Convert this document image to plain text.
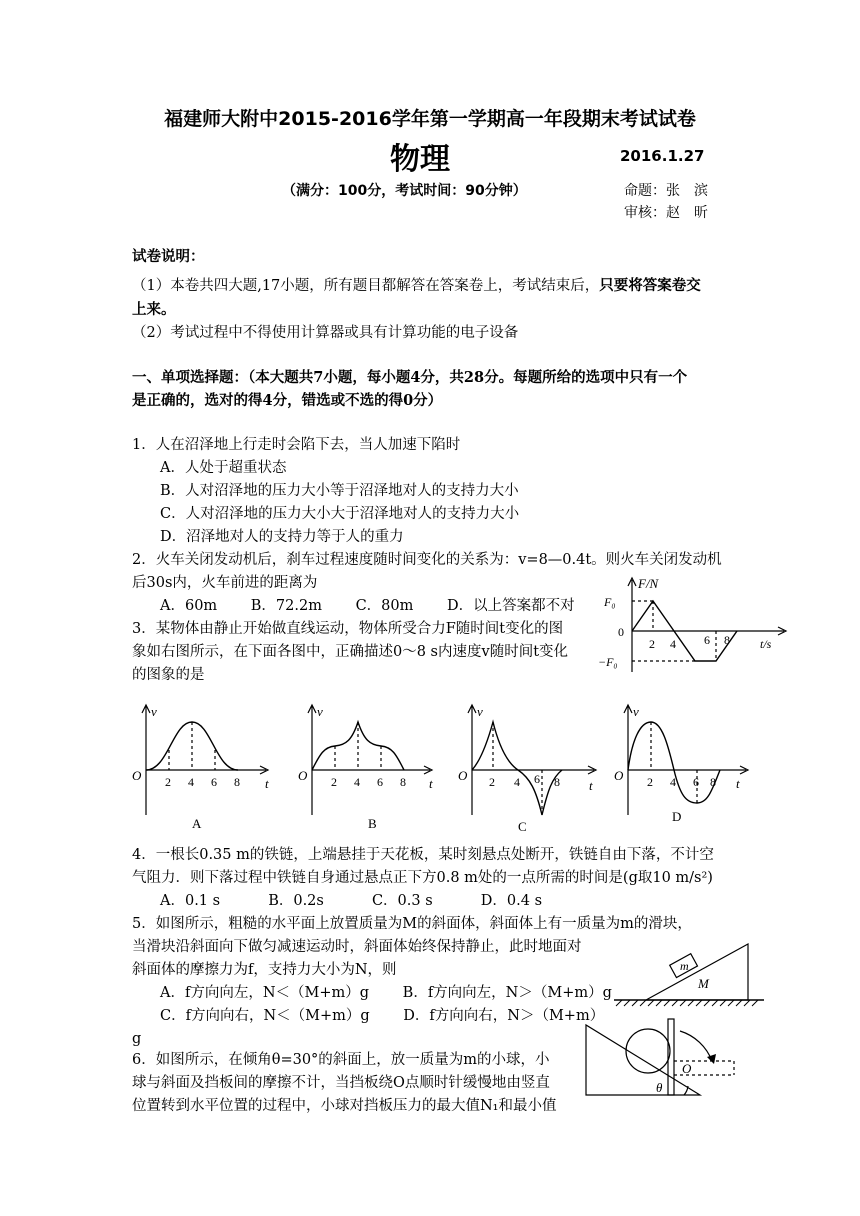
福建师大附中2015-2016学年第一学期高一年段期末考试试卷
物理	2016.1.27
（满分：100分，考试时间：90分钟）	命题：张　滨
审核：赵　昕
试卷说明：
（1）本卷共四大题,17小题，所有题目都解答在答案卷上，考试结束后，只要将答案卷交
上来。
（2）考试过程中不得使用计算器或具有计算功能的电子设备
一、单项选择题：（本大题共7小题，每小题4分，共28分。每题所给的选项中只有一个
是正确的，选对的得4分，错选或不选的得0分）
1．人在沼泽地上行走时会陷下去，当人加速下陷时
A．人处于超重状态
B．人对沼泽地的压力大小等于沼泽地对人的支持力大小
C．人对沼泽地的压力大小大于沼泽地对人的支持力大小
D．沼泽地对人的支持力等于人的重力
2．火车关闭发动机后，刹车过程速度随时间变化的关系为：v=8—0.4t。则火车关闭发动机
后30s内，火车前进的距离为
A．60m　　 B．72.2m　　 C．80m　　 D．以上答案都不对
3．某物体由静止开始做直线运动，物体所受合力F随时间t变化的图
象如右图所示，在下面各图中，正确描述0～8 s内速度v随时间t变化
的图象的是
F/N
F₀
0
−F₀
2 4 6 8	t/s
v
O 2 4 6 8 t
A
v
O 2 4 6 8 t
B
v
O 2 4 6 8 t
C
v
O 2 4 6 8 t
D
4．一根长0.35 m的铁链，上端悬挂于天花板，某时刻悬点处断开，铁链自由下落，不计空
气阻力．则下落过程中铁链自身通过悬点正下方0.8 m处的一点所需的时间是(g取10 m/s²)
A．0.1 s　　　 B．0.2s　　　 C．0.3 s　　　 D．0.4 s
5．如图所示，粗糙的水平面上放置质量为M的斜面体，斜面体上有一质量为m的滑块，
当滑块沿斜面向下做匀减速运动时，斜面体始终保持静止，此时地面对
斜面体的摩擦力为f，支持力大小为N，则
A．f方向向左，N＜（M+m）g　　 B．f方向向左，N＞（M+m）g
C．f方向向右，N＜（M+m）g　　 D．f方向向右，N＞（M+m）
g
m
M
6．如图所示，在倾角θ=30°的斜面上，放一质量为m的小球，小
球与斜面及挡板间的摩擦不计，当挡板绕O点顺时针缓慢地由竖直
位置转到水平位置的过程中，小球对挡板压力的最大值N₁和最小值
O
θ
